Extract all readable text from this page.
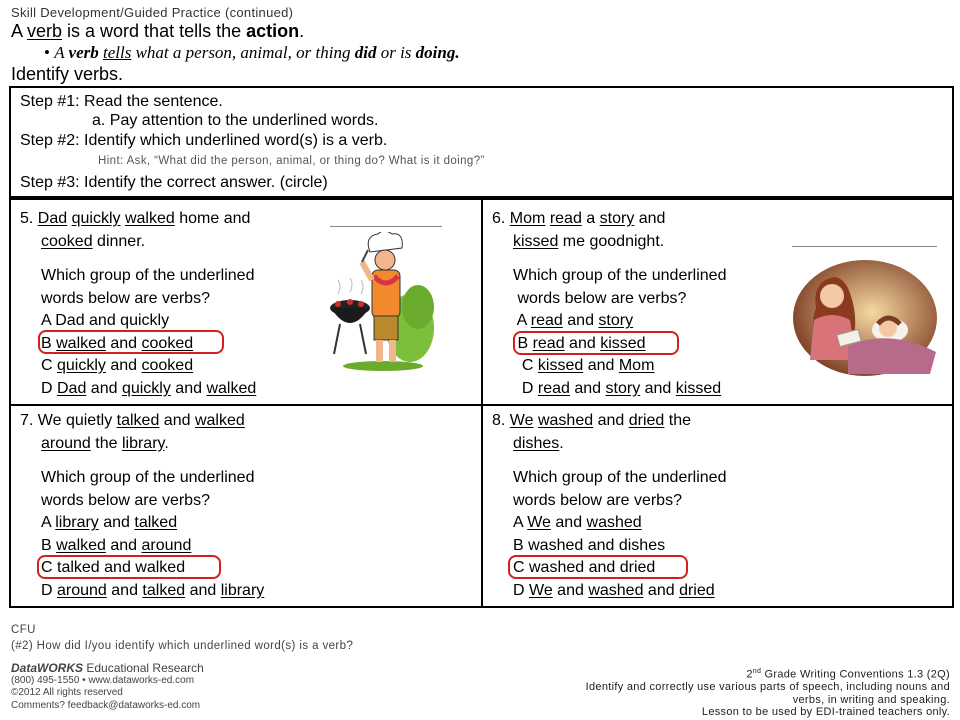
Skill Development/Guided Practice (continued)
A verb is a word that tells the action.
• A verb tells what a person, animal, or thing did or is doing.
Identify verbs.
Step #1: Read the sentence.
a. Pay attention to the underlined words.
Step #2: Identify which underlined word(s) is a verb.
Hint: Ask, “What did the person, animal, or thing do? What is it doing?”
Step #3: Identify the correct answer. (circle)
5. Dad quickly walked home and
cooked dinner.
Which group of the underlined
words below are verbs?
A Dad and quickly
B walked and cooked
C quickly and cooked
D Dad and quickly and walked
6. Mom read a story and
kissed me goodnight.
Which group of the underlined
words below are verbs?
A read and story
B read and kissed
C kissed and Mom
D read and story and kissed
7. We quietly talked and walked
around the library.
Which group of the underlined
words below are verbs?
A library and talked
B walked and around
C talked and walked
D around and talked and library
8. We washed and dried the
dishes.
Which group of the underlined
words below are verbs?
A We and washed
B washed and dishes
C washed and dried
D We and washed and dried
CFU
(#2) How did I/you identify which underlined word(s) is a verb?
DataWORKS Educational Research
(800) 495-1550 • www.dataworks-ed.com
©2012 All rights reserved
Comments? feedback@dataworks-ed.com
2nd Grade Writing Conventions 1.3 (2Q)
Identify and correctly use various parts of speech, including nouns and
verbs, in writing and speaking.
Lesson to be used by EDI-trained teachers only.
